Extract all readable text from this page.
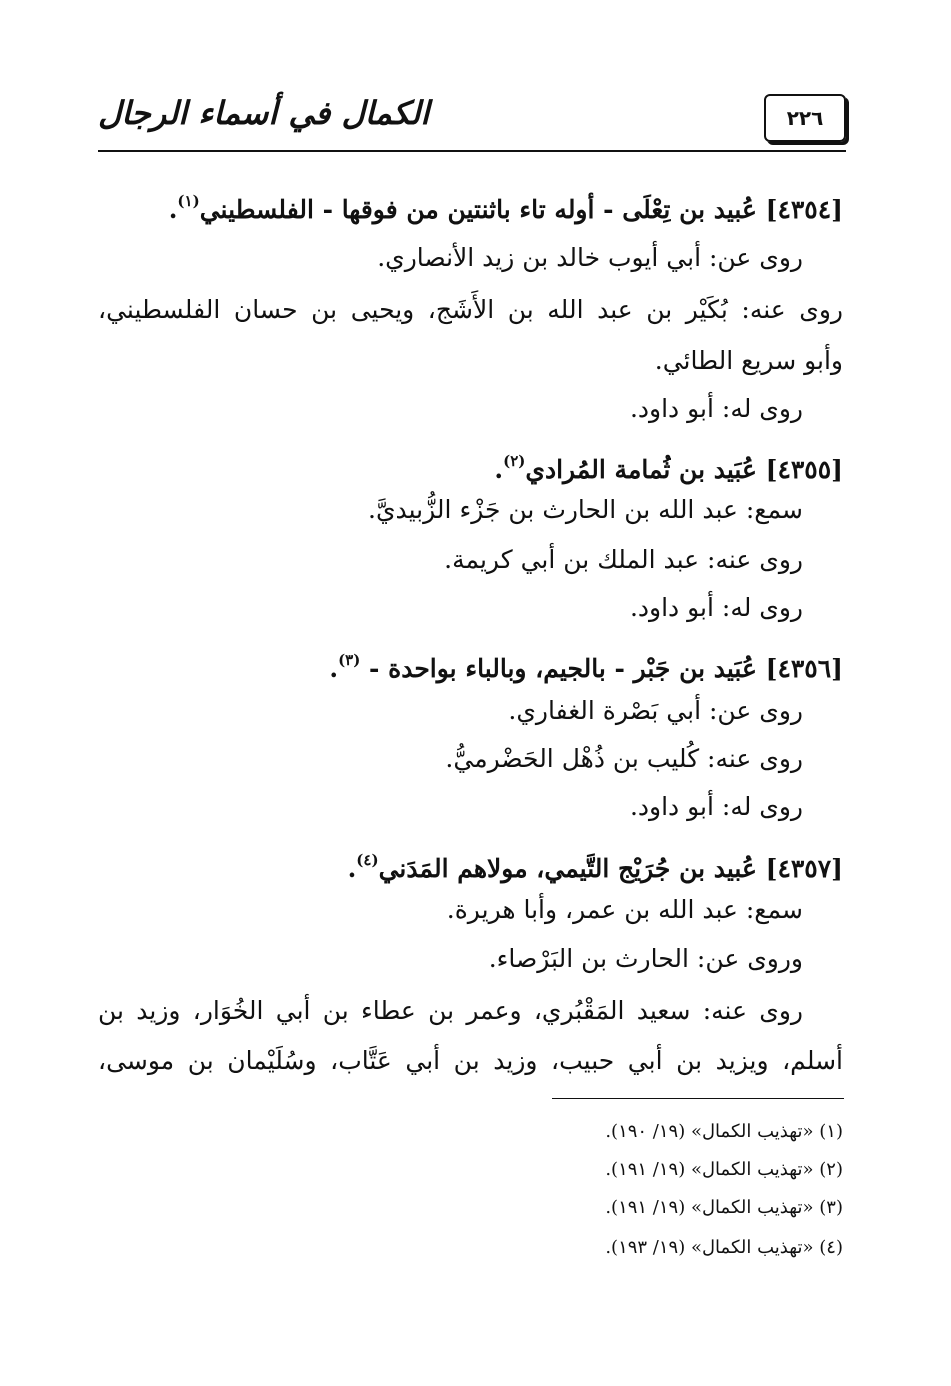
الكمال في أسماء الرجال	٢٢٦
[٤٣٥٤] عُبيد بن تِعْلَى - أوله تاء باثنتين من فوقها - الفلسطيني$^{(١)}$.
روى عن: أبي أيوب خالد بن زيد الأنصاري.
روى عنه: بُكَيْر بن عبد الله بن الأَشَج، ويحيى بن حسان الفلسطيني،
وأبو سريع الطائي.
روى له: أبو داود.
[٤٣٥٥] عُبَيد بن ثُمامة المُرادي$^{(٢)}$.
سمع: عبد الله بن الحارث بن جَزْء الزُّبيديَّ.
روى عنه: عبد الملك بن أبي كريمة.
روى له: أبو داود.
[٤٣٥٦] عُبَيد بن جَبْر - بالجيم، وبالباء بواحدة - $^{(٣)}$.
روى عن: أبي بَصْرة الغفاري.
روى عنه: كُليب بن ذُهْل الحَضْرميُّ.
روى له: أبو داود.
[٤٣٥٧] عُبيد بن جُرَيْج التَّيمي، مولاهم المَدَني$^{(٤)}$.
سمع: عبد الله بن عمر، وأبا هريرة.
وروى عن: الحارث بن البَرْصاء.
روى عنه: سعيد المَقْبُري، وعمر بن عطاء بن أبي الخُوَار، وزيد بن
أسلم، ويزيد بن أبي حبيب، وزيد بن أبي عَتَّاب، وسُلَيْمان بن موسى،
(١) «تهذيب الكمال» (١٩/ ١٩٠).
(٢) «تهذيب الكمال» (١٩/ ١٩١).
(٣) «تهذيب الكمال» (١٩/ ١٩١).
(٤) «تهذيب الكمال» (١٩/ ١٩٣).
